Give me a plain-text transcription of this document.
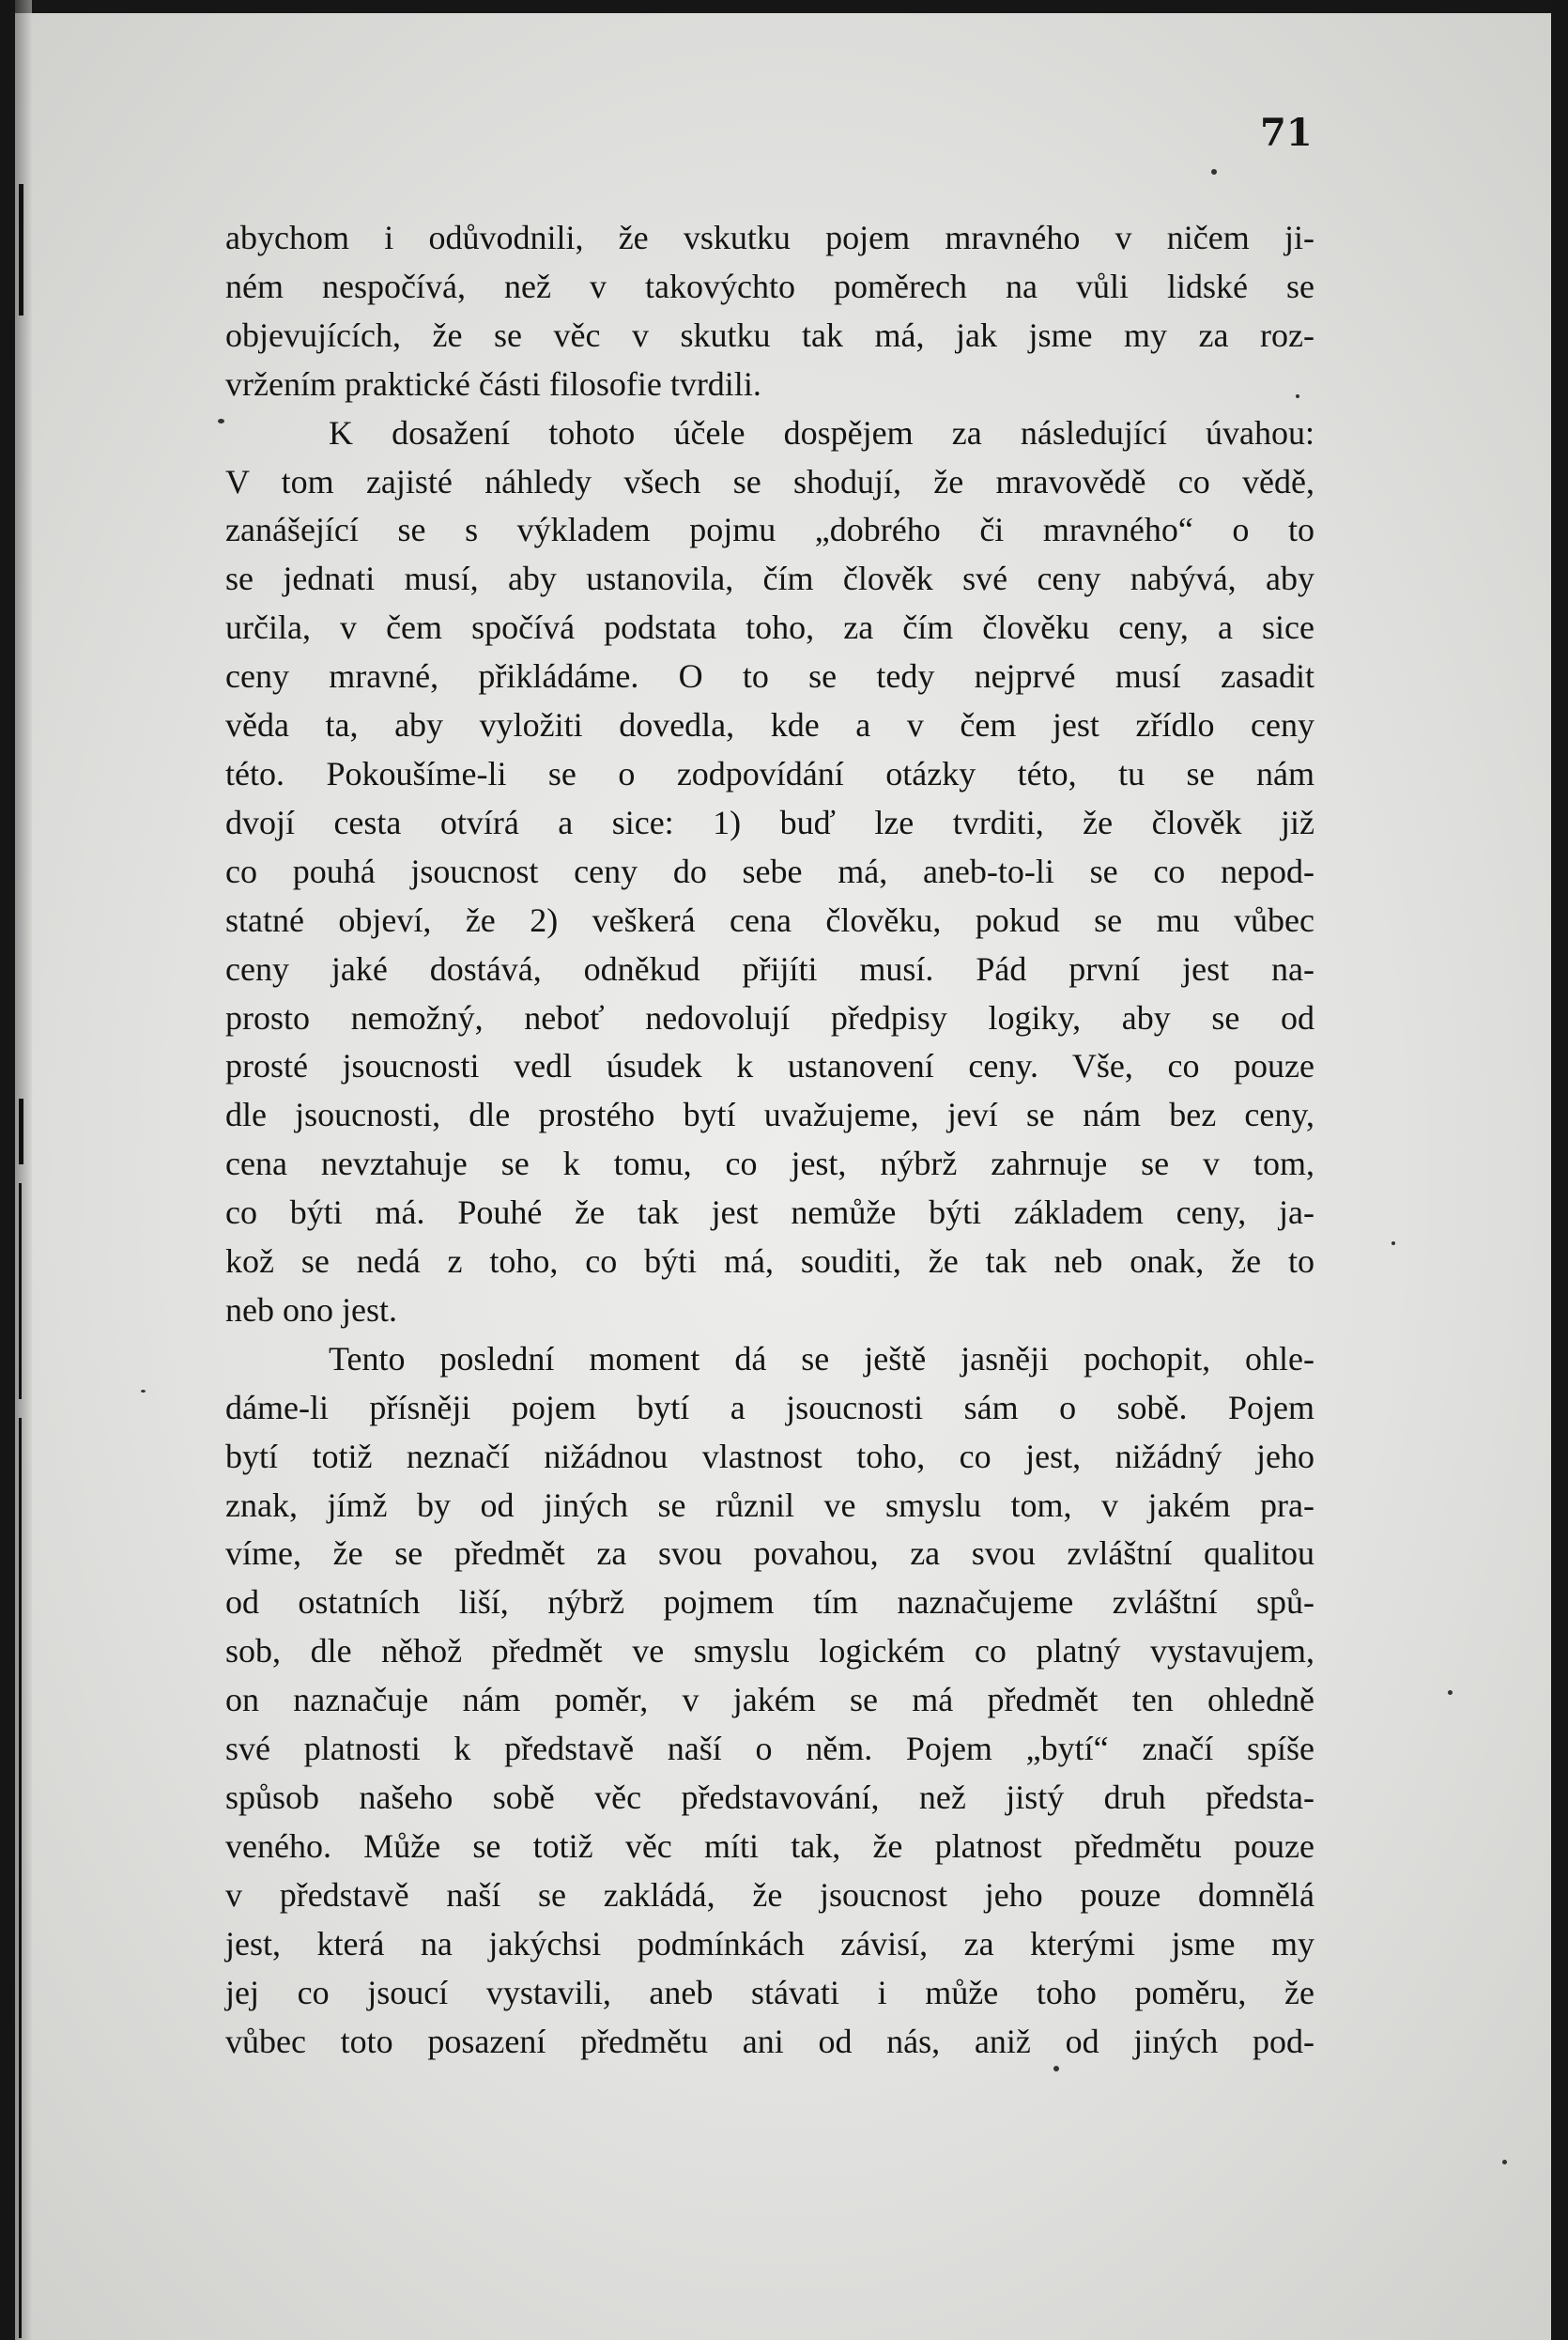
71
abychom i odůvodnili, že vskutku pojem mravného v ničem ji-
ném nespočívá, než v takovýchto poměrech na vůli lidské se
objevujících, že se věc v skutku tak má, jak jsme my za roz-
vržením praktické části filosofie tvrdili.
K dosažení tohoto účele dospějem za následující úvahou:
V tom zajisté náhledy všech se shodují, že mravovědě co vědě,
zanášející se s výkladem pojmu „dobrého či mravného“ o to
se jednati musí, aby ustanovila, čím člověk své ceny nabývá, aby
určila, v čem spočívá podstata toho, za čím člověku ceny, a sice
ceny mravné, přikládáme. O to se tedy nejprvé musí zasadit
věda ta, aby vyložiti dovedla, kde a v čem jest zřídlo ceny
této. Pokoušíme-li se o zodpovídání otázky této, tu se nám
dvojí cesta otvírá a sice: 1) buď lze tvrditi, že člověk již
co pouhá jsoucnost ceny do sebe má, aneb-to-li se co nepod-
statné objeví, že 2) veškerá cena člověku, pokud se mu vůbec
ceny jaké dostává, odněkud přijíti musí. Pád první jest na-
prosto nemožný, neboť nedovolují předpisy logiky, aby se od
prosté jsoucnosti vedl úsudek k ustanovení ceny. Vše, co pouze
dle jsoucnosti, dle prostého bytí uvažujeme, jeví se nám bez ceny,
cena nevztahuje se k tomu, co jest, nýbrž zahrnuje se v tom,
co býti má. Pouhé že tak jest nemůže býti základem ceny, ja-
kož se nedá z toho, co býti má, souditi, že tak neb onak, že to
neb ono jest.
Tento poslední moment dá se ještě jasněji pochopit, ohle-
dáme-li přísněji pojem bytí a jsoucnosti sám o sobě. Pojem
bytí totiž neznačí nižádnou vlastnost toho, co jest, nižádný jeho
znak, jímž by od jiných se různil ve smyslu tom, v jakém pra-
víme, že se předmět za svou povahou, za svou zvláštní qualitou
od ostatních liší, nýbrž pojmem tím naznačujeme zvláštní spů-
sob, dle něhož předmět ve smyslu logickém co platný vystavujem,
on naznačuje nám poměr, v jakém se má předmět ten ohledně
své platnosti k představě naší o něm. Pojem „bytí“ značí spíše
spůsob našeho sobě věc představování, než jistý druh předsta-
veného. Může se totiž věc míti tak, že platnost předmětu pouze
v představě naší se zakládá, že jsoucnost jeho pouze domnělá
jest, která na jakýchsi podmínkách závisí, za kterými jsme my
jej co jsoucí vystavili, aneb stávati i může toho poměru, že
vůbec toto posazení předmětu ani od nás, aniž od jiných pod-
